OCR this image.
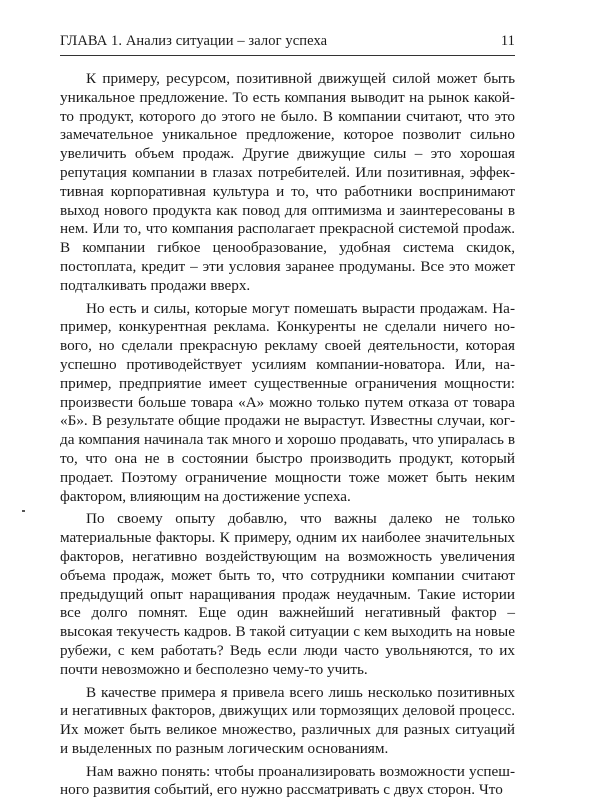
ГЛАВА 1. Анализ ситуации – залог успеха	11

К примеру, ресурсом, позитивной движущей силой может быть уникальное предложение. То есть компания выводит на рынок какой-то продукт, которого до этого не было. В компании считают, что это замечательное уникальное предложение, которое позволит сильно увеличить объем продаж. Другие движущие силы – это хорошая репутация компании в глазах потребителей. Или позитивная, эффективная корпоративная культура и то, что работники воспринимают выход нового продукта как повод для оптимизма и заинтересованы в нем. Или то, что компания располагает прекрасной системой проdаж. В компании гибкое ценообразование, удобная система скидок, постоплата, кредит – эти условия заранее продуманы. Все это может подталкивать продажи вверх.

Но есть и силы, которые могут помешать вырасти продажам. Например, конкурентная реклама. Конкуренты не сделали ничего нового, но сделали прекрасную рекламу своей деятельности, которая успешно противодействует усилиям компании-новатора. Или, например, предприятие имеет существенные ограничения мощности: произвести больше товара «А» можно только путем отказа от товара «Б». В результате общие продажи не вырастут. Известны случаи, когда компания начинала так много и хорошо продавать, что упиралась в то, что она не в состоянии быстро производить продукт, который продает. Поэтому ограничение мощности тоже может быть неким фактором, влияющим на достижение успеха.

По своему опыту добавлю, что важны далеко не только материальные факторы. К примеру, одним их наиболее значительных факторов, негативно воздействующим на возможность увеличения объема продаж, может быть то, что сотрудники компании считают предыдущий опыт наращивания продаж неудачным. Такие истории все долго помнят. Еще один важнейший негативный фактор – высокая текучесть кадров. В такой ситуации с кем выходить на новые рубежи, с кем работать? Ведь если люди часто увольняются, то их почти невозможно и бесполезно чему-то учить.

В качестве примера я привела всего лишь несколько позитивных и негативных факторов, движущих или тормозящих деловой процесс. Их может быть великое множество, различных для разных ситуаций и выделенных по разным логическим основаниям.

Нам важно понять: чтобы проанализировать возможности успешного развития событий, его нужно рассматривать с двух сторон. Что
